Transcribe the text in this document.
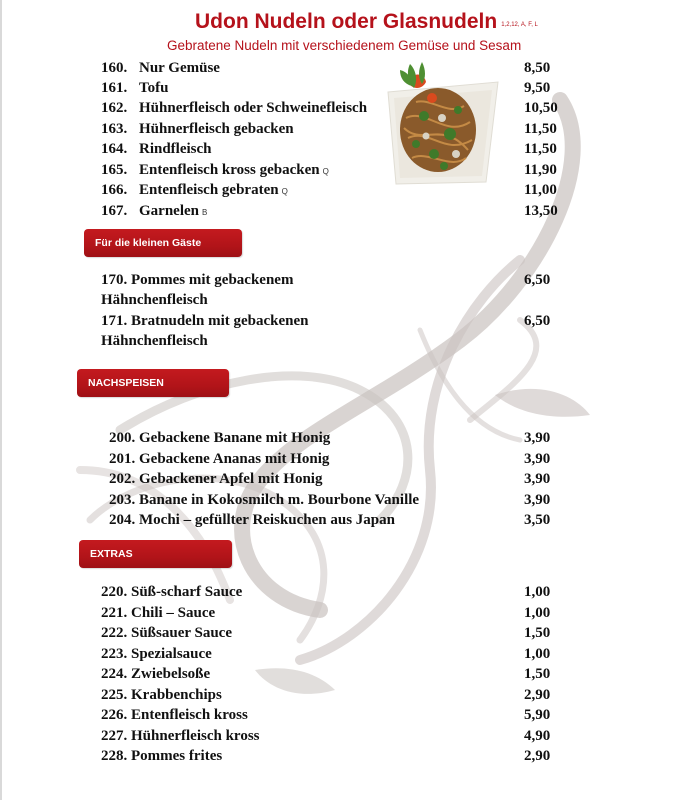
Udon Nudeln oder Glasnudeln $^{1,2,12, A, F, L}$
Gebratene Nudeln mit verschiedenem Gemüse und Sesam
160. Nur Gemüse	8,50
161. Tofu	9,50
162. Hühnerfleisch oder Schweinefleisch	10,50
163. Hühnerfleisch gebacken	11,50
164. Rindfleisch	11,50
165. Entenfleisch kross gebacken Q	11,90
166. Entenfleisch gebraten Q	11,00
167. Garnelen B	13,50
Für die kleinen Gäste
170. Pommes mit gebackenem
Hähnchenfleisch
6,50
171. Bratnudeln mit gebackenen
Hähnchenfleisch
6,50
NACHSPEISEN
200. Gebackene Banane mit Honig	3,90
201. Gebackene Ananas mit Honig	3,90
202. Gebackener Apfel mit Honig	3,90
203. Banane in Kokosmilch m. Bourbone Vanille	3,90
204. Mochi – gefüllter Reiskuchen aus Japan	3,50
EXTRAS
220. Süß-scharf Sauce	1,00
221. Chili – Sauce	1,00
222. Süßsauer Sauce	1,50
223. Spezialsauce	1,00
224. Zwiebelsoße	1,50
225. Krabbenchips	2,90
226. Entenfleisch kross	5,90
227. Hühnerfleisch kross	4,90
228. Pommes frites	2,90
